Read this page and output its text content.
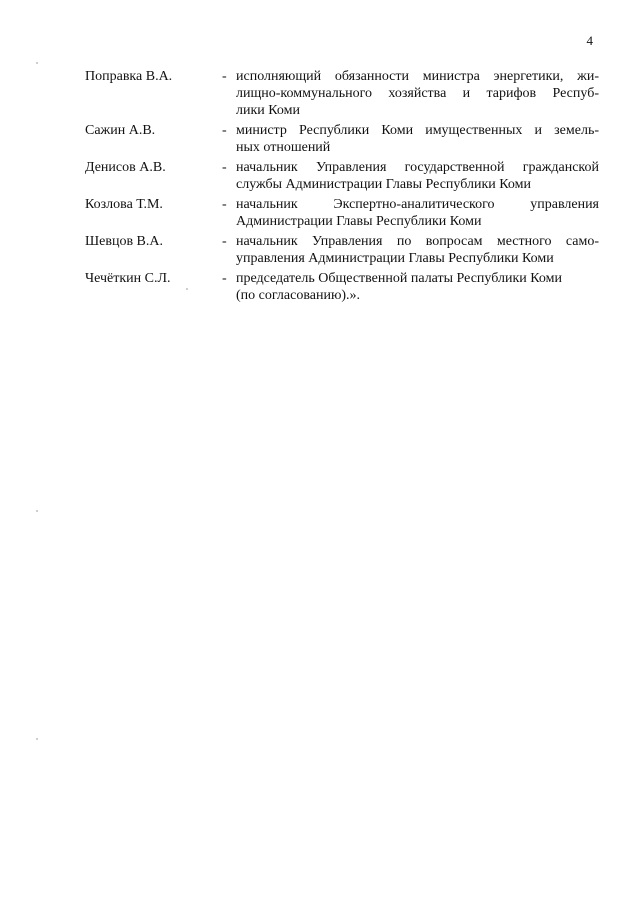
4
Поправка В.А.	- исполняющий обязанности министра энергетики, жи-
лищно-коммунального хозяйства и тарифов Респуб-
лики Коми
Сажин А.В.	- министр Республики Коми имущественных и земель-
ных отношений
Денисов А.В.	- начальник Управления государственной гражданской
службы Администрации Главы Республики Коми
Козлова Т.М.	- начальник Экспертно-аналитического управления
Администрации Главы Республики Коми
Шевцов В.А.	- начальник Управления по вопросам местного само-
управления Администрации Главы Республики Коми
Чечёткин С.Л.	- председатель Общественной палаты Республики Коми
(по согласованию).».
